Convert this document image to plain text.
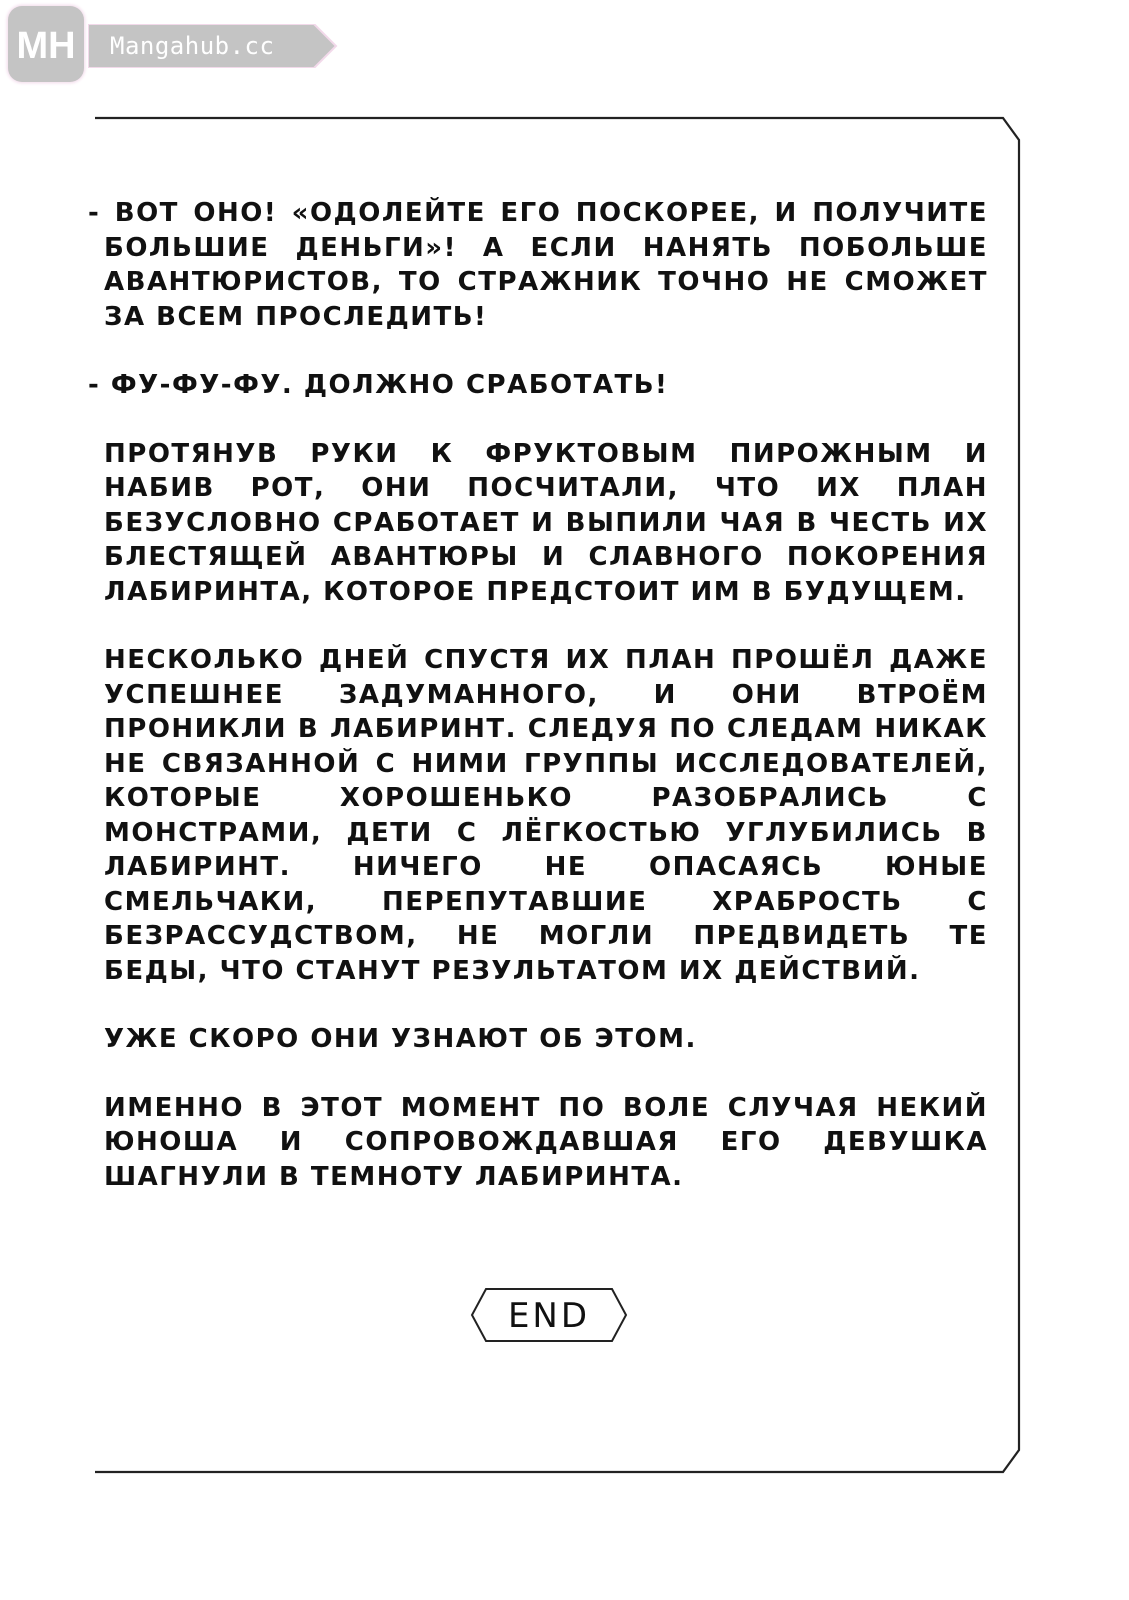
MH Mangahub.cc

- ВОТ ОНО! «ОДОЛЕЙТЕ ЕГО ПОСКОРЕЕ, И ПОЛУЧИТЕ БОЛЬШИЕ ДЕНЬГИ»! А ЕСЛИ НАНЯТЬ ПОБОЛЬШЕ АВАНТЮРИСТОВ, ТО СТРАЖНИК ТОЧНО НЕ СМОЖЕТ ЗА ВСЕМ ПРОСЛЕДИТЬ!

- ФУ-ФУ-ФУ. ДОЛЖНО СРАБОТАТЬ!

ПРОТЯНУВ РУКИ К ФРУКТОВЫМ ПИРОЖНЫМ И НАБИВ РОТ, ОНИ ПОСЧИТАЛИ, ЧТО ИХ ПЛАН БЕЗУСЛОВНО СРАБОТАЕТ И ВЫПИЛИ ЧАЯ В ЧЕСТЬ ИХ БЛЕСТЯЩЕЙ АВАНТЮРЫ И СЛАВНОГО ПОКОРЕНИЯ ЛАБИРИНТА, КОТОРОЕ ПРЕДСТОИТ ИМ В БУДУЩЕМ.

НЕСКОЛЬКО ДНЕЙ СПУСТЯ ИХ ПЛАН ПРОШЁЛ ДАЖЕ УСПЕШНЕЕ ЗАДУМАННОГО, И ОНИ ВТРОЁМ ПРОНИКЛИ В ЛАБИРИНТ. СЛЕДУЯ ПО СЛЕДАМ НИКАК НЕ СВЯЗАННОЙ С НИМИ ГРУППЫ ИССЛЕДОВАТЕЛЕЙ, КОТОРЫЕ ХОРОШЕНЬКО РАЗОБРАЛИСЬ С МОНСТРАМИ, ДЕТИ С ЛЁГКОСТЬЮ УГЛУБИЛИСЬ В ЛАБИРИНТ. НИЧЕГО НЕ ОПАСАЯСЬ ЮНЫЕ СМЕЛЬЧАКИ, ПЕРЕПУТАВШИЕ ХРАБРОСТЬ С БЕЗРАССУДСТВОМ, НЕ МОГЛИ ПРЕДВИДЕТЬ ТЕ БЕДЫ, ЧТО СТАНУТ РЕЗУЛЬТАТОМ ИХ ДЕЙСТВИЙ.

УЖЕ СКОРО ОНИ УЗНАЮТ ОБ ЭТОМ.

ИМЕННО В ЭТОТ МОМЕНТ ПО ВОЛЕ СЛУЧАЯ НЕКИЙ ЮНОША И СОПРОВОЖДАВШАЯ ЕГО ДЕВУШКА ШАГНУЛИ В ТЕМНОТУ ЛАБИРИНТА.

END
